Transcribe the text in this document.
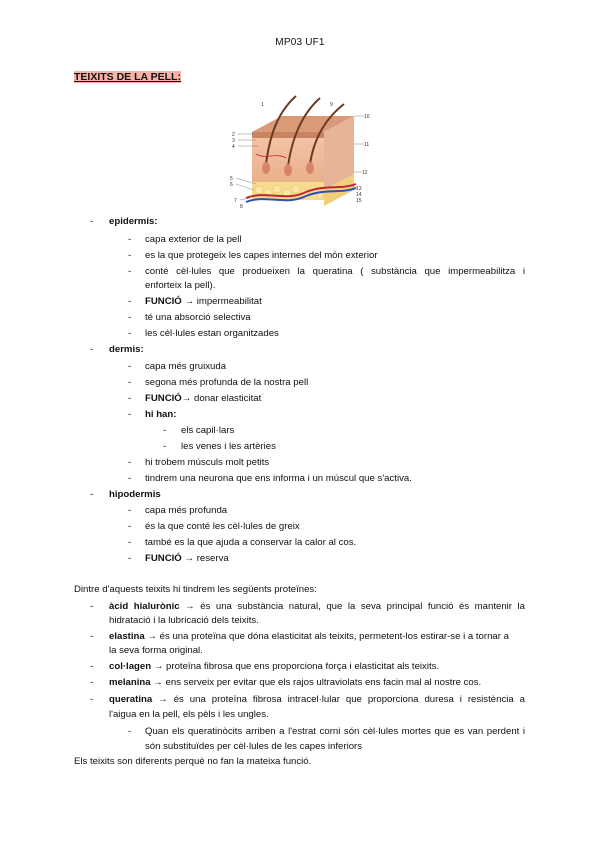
MP03 UF1
TEIXITS DE LA PELL:
1
2
3
4
5
6
7
8
9
10
11
12
13
14
15
- epidermis:
- capa exterior de la pell
- es la que protegeix les capes internes del món exterior
- conté cèl·lules que produeixen la queratina ( substància que impermeabilitza i
enforteix la pell).
- FUNCIÓ → impermeabilitat
- té una absorció selectiva
- les cèl·lules estan organitzades
- dermis:
- capa més gruixuda
- segona més profunda de la nostra pell
- FUNCIÓ→ donar elasticitat
- hi han:
- els capil·lars
- les venes i les artèries
- hi trobem músculs molt petits
- tindrem una neurona que ens informa i un múscul que s'activa.
- hipodermis
- capa més profunda
- és la que conté les cèl·lules de greix
- també es la que ajuda a conservar la calor al cos.
- FUNCIÓ → reserva
Dintre d'aquests teixits hi tindrem les següents proteïnes:
- àcid hialurònic → és una substància natural, que la seva principal funció és mantenir la
hidratació i la lubricació dels teixits.
- elastina → és una proteïna que dóna elasticitat als teixits, permetent-los estirar-se i a tornar a
la seva forma original.
- col·lagen → proteïna fibrosa que ens proporciona força i elasticitat als teixits.
- melanina → ens serveix per evitar que els rajos ultraviolats ens facin mal al nostre cos.
- queratina → és una proteïna fibrosa intracel·lular que proporciona duresa i resistència a
l'aigua en la pell, els pèls i les ungles.
- Quan els queratinòcits arriben a l'estrat corni són cèl·lules mortes que es van perdent i
són substituïdes per cèl·lules de les capes inferiors
Els teixits son diferents perquè no fan la mateixa funció.
